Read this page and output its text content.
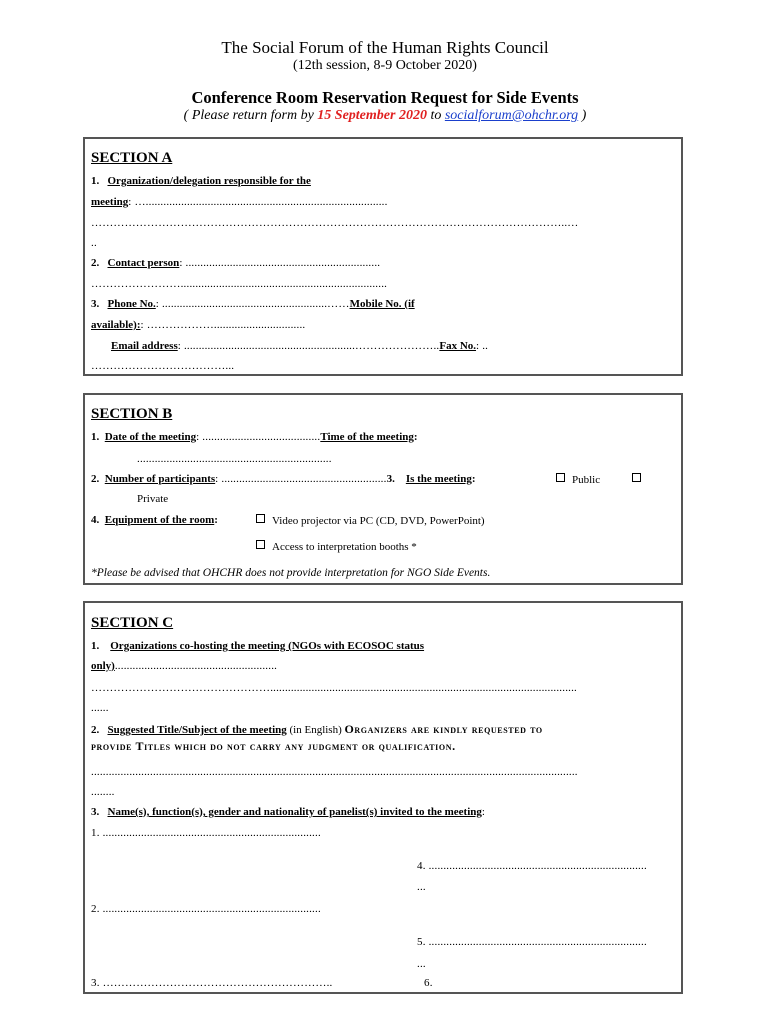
The Social Forum of the Human Rights Council
(12th session, 8-9 October 2020)
Conference Room Reservation Request for Side Events
( Please return form by 15 September 2020 to socialforum@ohchr.org )
SECTION A
1. Organization/delegation responsible for the
meeting: …..................................................................................
………………………………………………………………………………………………………………..…
..
2. Contact person: ..................................................................
……………………......................................................................
3. Phone No.: ........................................................……Mobile No. (if
available):: ………………...............................
Email address: ..........................................................…………………..Fax No.: ..
………………………………...
SECTION B
1. Date of the meeting: ........................................Time of the meeting:
..................................................................
2. Number of participants: ........................................................3. Is the meeting:	Public
Private
4. Equipment of the room:	Video projector via PC (CD, DVD, PowerPoint)
Access to interpretation booths *
*Please be advised that OHCHR does not provide interpretation for NGO Side Events.
SECTION C
1. Organizations co-hosting the meeting (NGOs with ECOSOC status
only).......................................................
…………………………………………........................................................................................................
......
2. Suggested Title/Subject of the meeting (in English) Organizers are kindly requested to
provide Titles which do not carry any judgment or qualification.
.....................................................................................................................................................................
........
3. Name(s), function(s), gender and nationality of panelist(s) invited to the meeting:
1. ..........................................................................
4. ..........................................................................
...
2. ..........................................................................
5. ..........................................................................
...
3. ……………………………………………………..	6.
